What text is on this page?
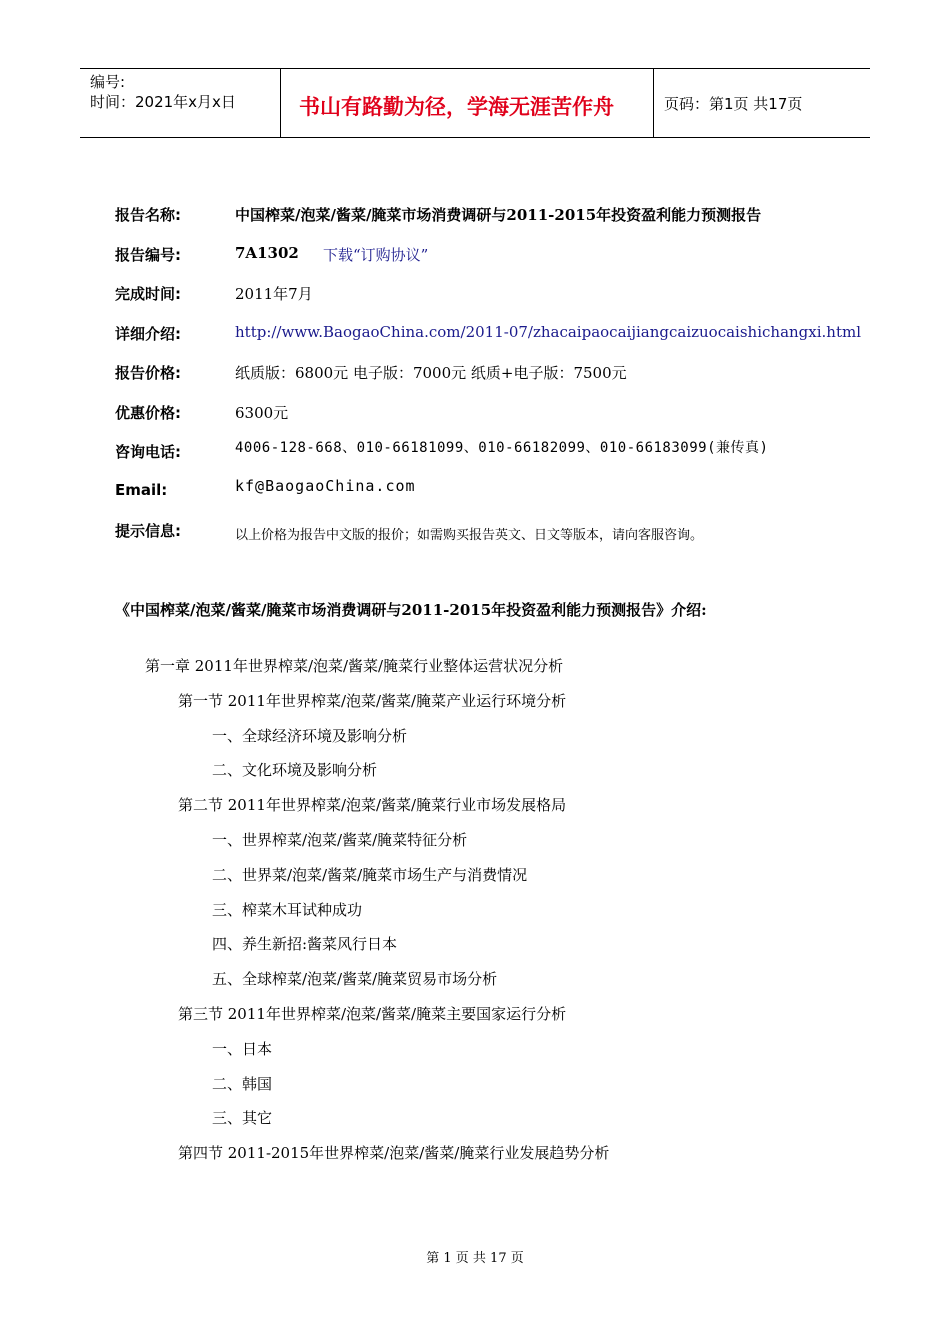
编号:
时间：2021年x月x日	书山有路勤为径，学海无涯苦作舟	页码：第1页 共17页
报告名称:	中国榨菜/泡菜/酱菜/腌菜市场消费调研与2011-2015年投资盈利能力预测报告
报告编号:	7A1302 下载“订购协议”
完成时间:	2011年7月
详细介绍:	http://www.BaogaoChina.com/2011-07/zhacaipaocaijiangcaizuocaishichangxi.html
报告价格:	纸质版：6800元 电子版：7000元 纸质+电子版：7500元
优惠价格:	6300元
咨询电话:	4006-128-668、010-66181099、010-66182099、010-66183099(兼传真)
Email:	kf@BaogaoChina.com
提示信息:	以上价格为报告中文版的报价；如需购买报告英文、日文等版本，请向客服咨询。
《中国榨菜/泡菜/酱菜/腌菜市场消费调研与2011-2015年投资盈利能力预测报告》介绍:
第一章 2011年世界榨菜/泡菜/酱菜/腌菜行业整体运营状况分析
第一节 2011年世界榨菜/泡菜/酱菜/腌菜产业运行环境分析
一、全球经济环境及影响分析
二、文化环境及影响分析
第二节 2011年世界榨菜/泡菜/酱菜/腌菜行业市场发展格局
一、世界榨菜/泡菜/酱菜/腌菜特征分析
二、世界菜/泡菜/酱菜/腌菜市场生产与消费情况
三、榨菜木耳试种成功
四、养生新招:酱菜风行日本
五、全球榨菜/泡菜/酱菜/腌菜贸易市场分析
第三节 2011年世界榨菜/泡菜/酱菜/腌菜主要国家运行分析
一、日本
二、韩国
三、其它
第四节 2011-2015年世界榨菜/泡菜/酱菜/腌菜行业发展趋势分析
第 1 页 共 17 页
